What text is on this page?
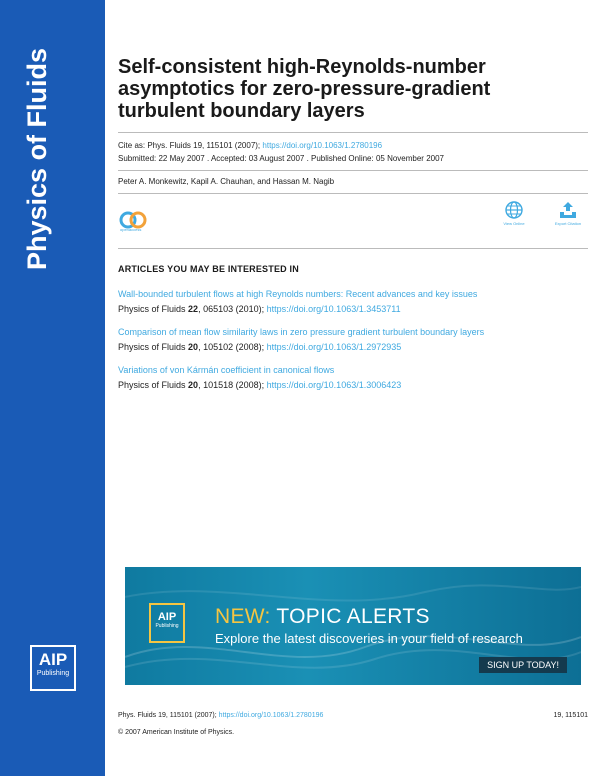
Physics of Fluids
AIP
Publishing
Self-consistent high-Reynolds-number asymptotics for zero-pressure-gradient turbulent boundary layers
Cite as: Phys. Fluids 19, 115101 (2007); https://doi.org/10.1063/1.2780196
Submitted: 22 May 2007 . Accepted: 03 August 2007 . Published Online: 05 November 2007
Peter A. Monkewitz, Kapil A. Chauhan, and Hassan M. Nagib
openaccess
View Online	Export Citation
ARTICLES YOU MAY BE INTERESTED IN
Wall-bounded turbulent flows at high Reynolds numbers: Recent advances and key issues
Physics of Fluids 22, 065103 (2010); https://doi.org/10.1063/1.3453711
Comparison of mean flow similarity laws in zero pressure gradient turbulent boundary layers
Physics of Fluids 20, 105102 (2008); https://doi.org/10.1063/1.2972935
Variations of von Kármán coefficient in canonical flows
Physics of Fluids 20, 101518 (2008); https://doi.org/10.1063/1.3006423
AIP
Publishing NEW: TOPIC ALERTS
Explore the latest discoveries in your field of research
SIGN UP TODAY!
Phys. Fluids 19, 115101 (2007); https://doi.org/10.1063/1.2780196	19, 115101
© 2007 American Institute of Physics.
